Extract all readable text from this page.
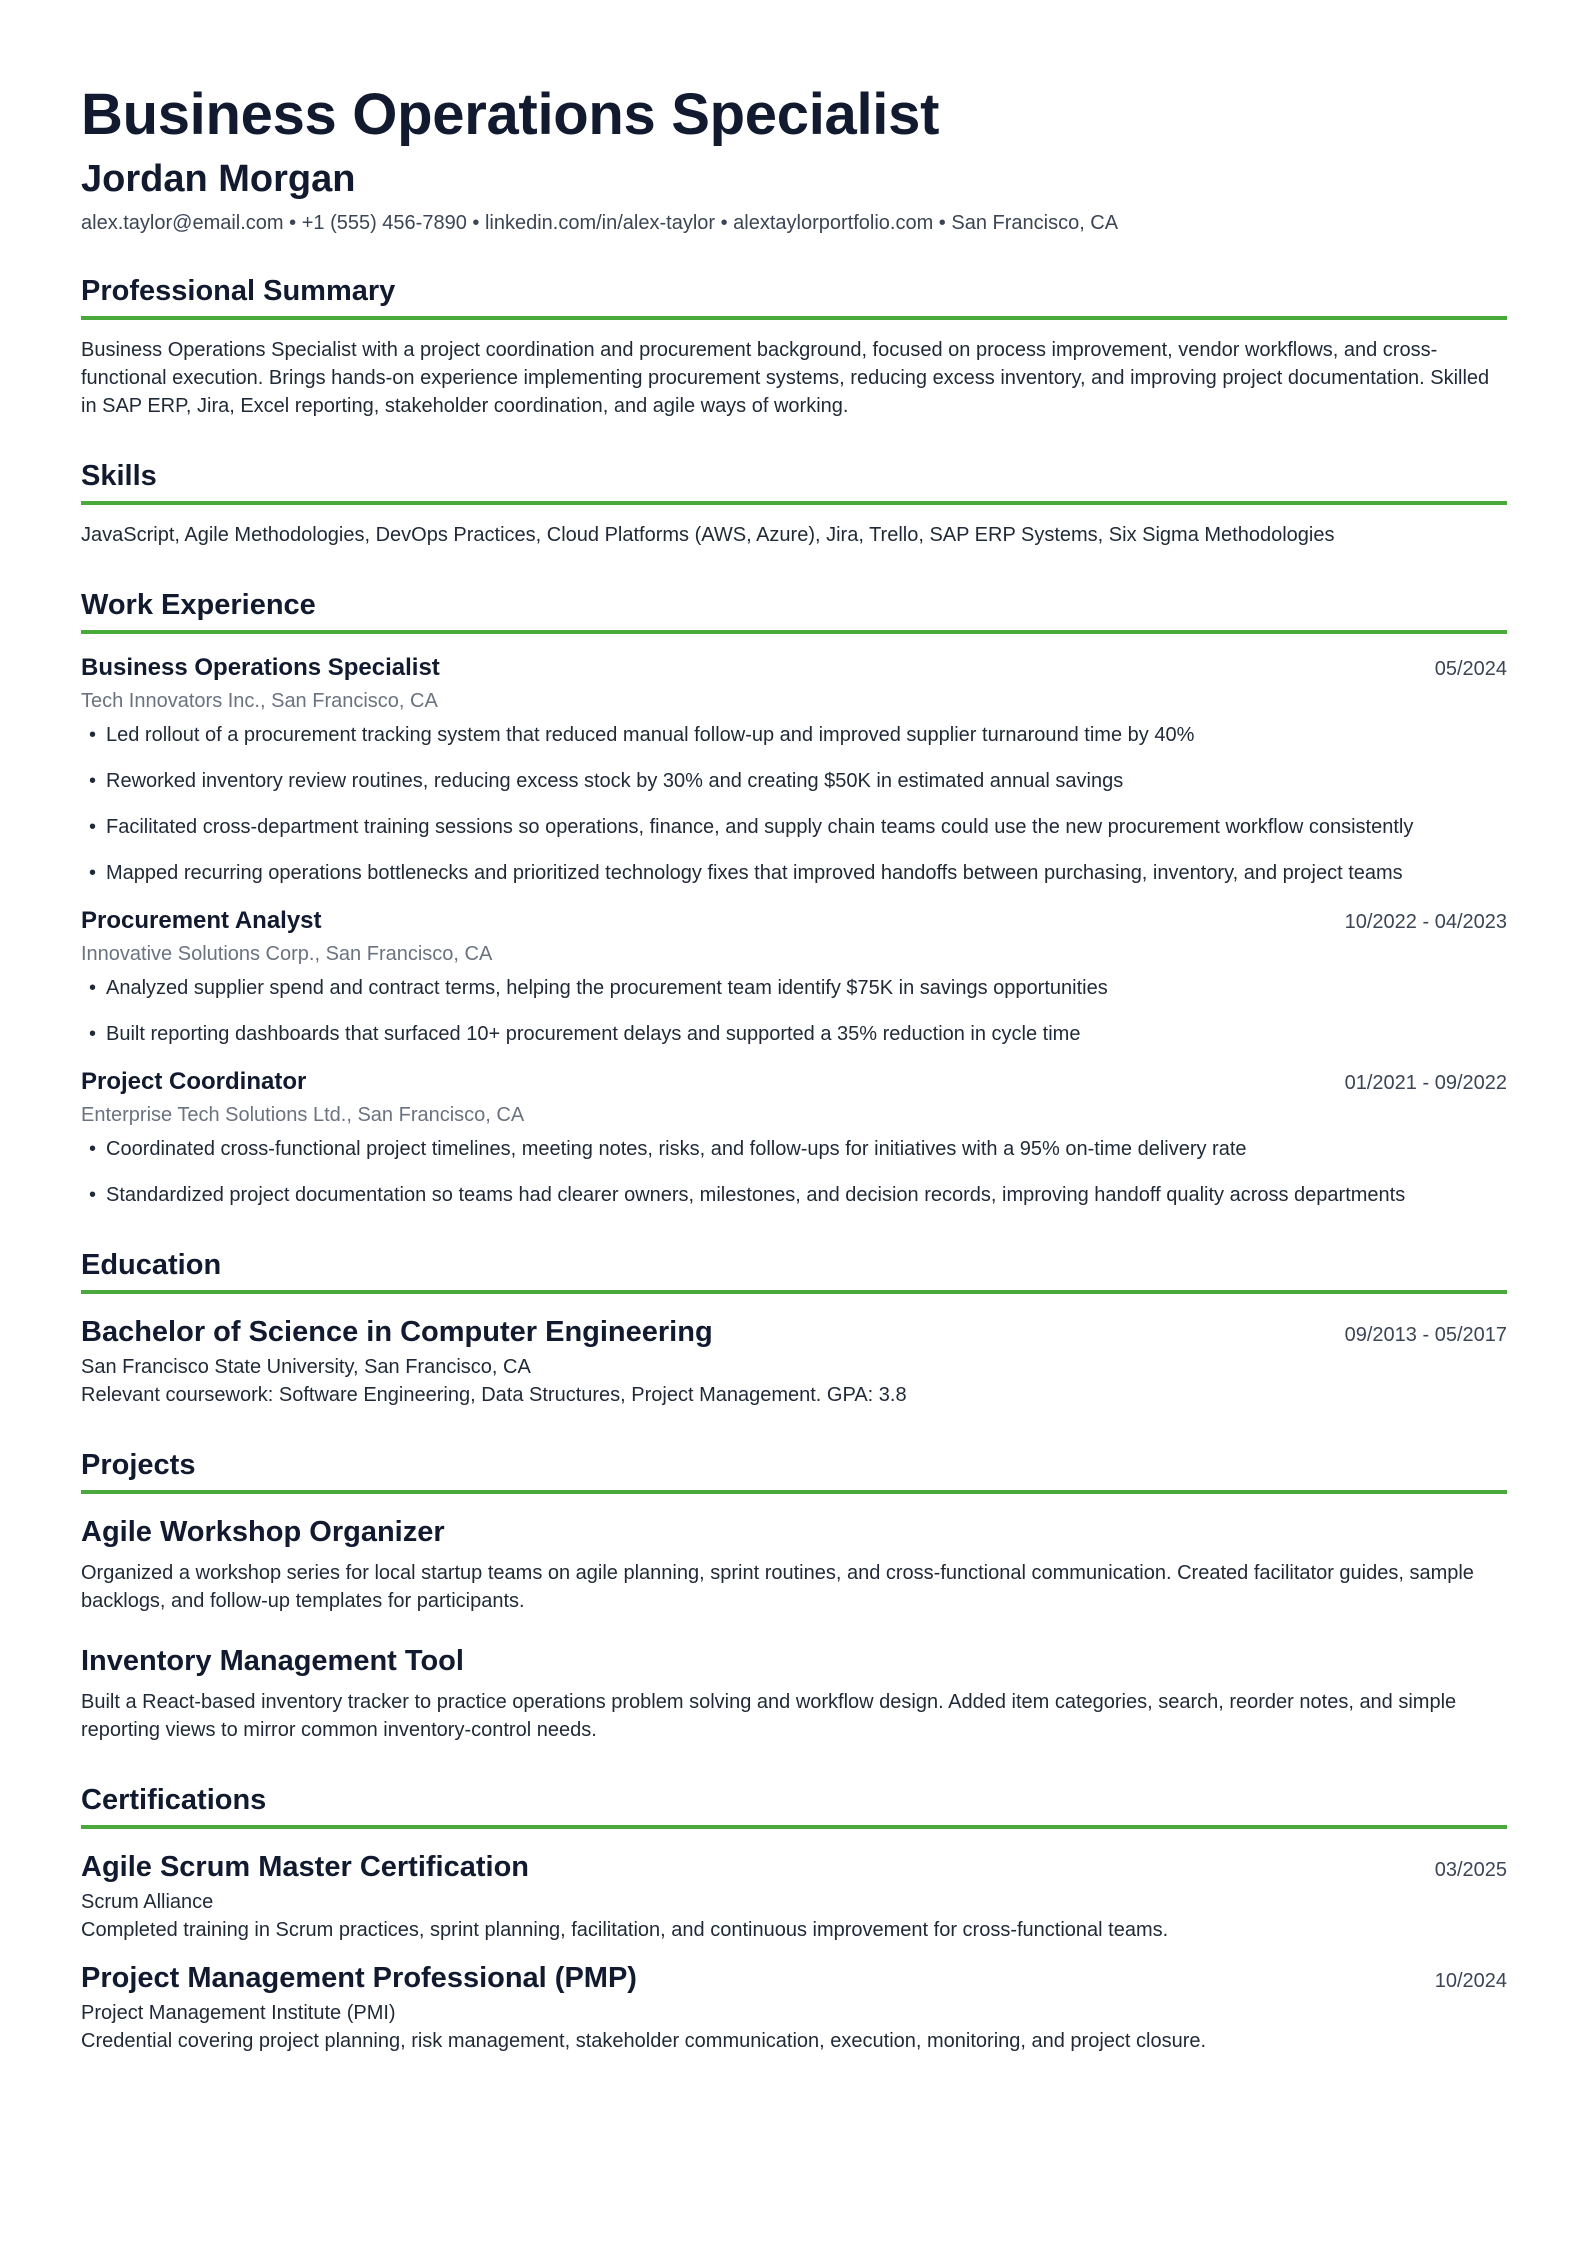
Business Operations Specialist
Jordan Morgan
alex.taylor@email.com • +1 (555) 456-7890 • linkedin.com/in/alex-taylor • alextaylorportfolio.com • San Francisco, CA
Professional Summary
Business Operations Specialist with a project coordination and procurement background, focused on process improvement, vendor workflows, and cross-functional execution. Brings hands-on experience implementing procurement systems, reducing excess inventory, and improving project documentation. Skilled in SAP ERP, Jira, Excel reporting, stakeholder coordination, and agile ways of working.
Skills
JavaScript, Agile Methodologies, DevOps Practices, Cloud Platforms (AWS, Azure), Jira, Trello, SAP ERP Systems, Six Sigma Methodologies
Work Experience
Business Operations Specialist	05/2024
Tech Innovators Inc., San Francisco, CA
• Led rollout of a procurement tracking system that reduced manual follow-up and improved supplier turnaround time by 40%
• Reworked inventory review routines, reducing excess stock by 30% and creating $50K in estimated annual savings
• Facilitated cross-department training sessions so operations, finance, and supply chain teams could use the new procurement workflow consistently
• Mapped recurring operations bottlenecks and prioritized technology fixes that improved handoffs between purchasing, inventory, and project teams
Procurement Analyst	10/2022 - 04/2023
Innovative Solutions Corp., San Francisco, CA
• Analyzed supplier spend and contract terms, helping the procurement team identify $75K in savings opportunities
• Built reporting dashboards that surfaced 10+ procurement delays and supported a 35% reduction in cycle time
Project Coordinator	01/2021 - 09/2022
Enterprise Tech Solutions Ltd., San Francisco, CA
• Coordinated cross-functional project timelines, meeting notes, risks, and follow-ups for initiatives with a 95% on-time delivery rate
• Standardized project documentation so teams had clearer owners, milestones, and decision records, improving handoff quality across departments
Education
Bachelor of Science in Computer Engineering	09/2013 - 05/2017
San Francisco State University, San Francisco, CA
Relevant coursework: Software Engineering, Data Structures, Project Management. GPA: 3.8
Projects
Agile Workshop Organizer
Organized a workshop series for local startup teams on agile planning, sprint routines, and cross-functional communication. Created facilitator guides, sample backlogs, and follow-up templates for participants.
Inventory Management Tool
Built a React-based inventory tracker to practice operations problem solving and workflow design. Added item categories, search, reorder notes, and simple reporting views to mirror common inventory-control needs.
Certifications
Agile Scrum Master Certification	03/2025
Scrum Alliance
Completed training in Scrum practices, sprint planning, facilitation, and continuous improvement for cross-functional teams.
Project Management Professional (PMP)	10/2024
Project Management Institute (PMI)
Credential covering project planning, risk management, stakeholder communication, execution, monitoring, and project closure.
